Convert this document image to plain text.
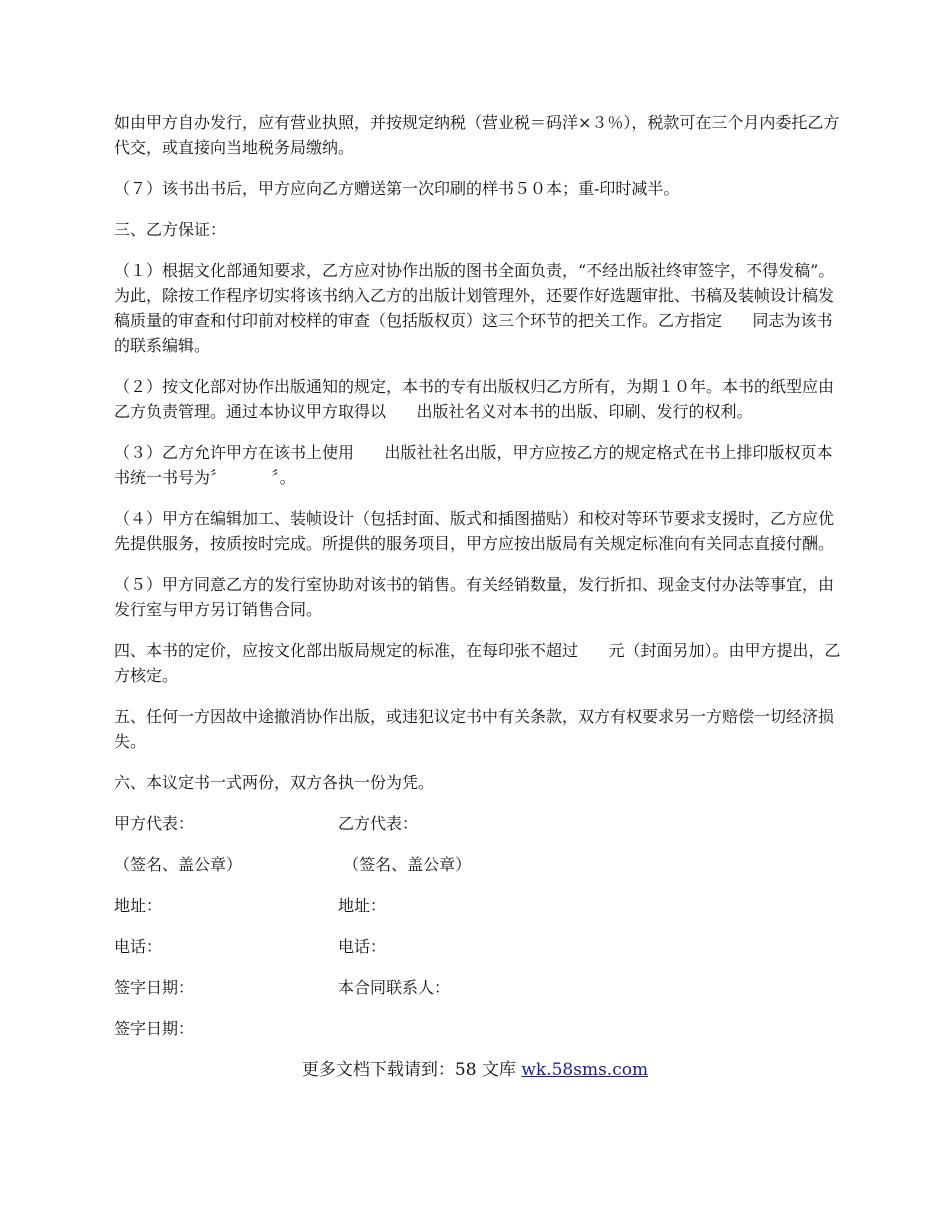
如由甲方自办发行，应有营业执照，并按规定纳税（营业税＝码洋×３％），税款可在三个月内委托乙方代交，或直接向当地税务局缴纳。

（７）该书出书后，甲方应向乙方赠送第一次印刷的样书５０本；重-印时减半。

三、乙方保证：

（１）根据文化部通知要求，乙方应对协作出版的图书全面负责，“不经出版社终审签字，不得发稿”。为此，除按工作程序切实将该书纳入乙方的出版计划管理外，还要作好选题审批、书稿及装帧设计稿发稿质量的审查和付印前对校样的审查（包括版权页）这三个环节的把关工作。乙方指定 同志为该书的联系编辑。

（２）按文化部对协作出版通知的规定，本书的专有出版权归乙方所有，为期１０年。本书的纸型应由乙方负责管理。通过本协议甲方取得以 出版社名义对本书的出版、印刷、发行的权利。

（３）乙方允许甲方在该书上使用 出版社社名出版，甲方应按乙方的规定格式在书上排印版权页本书统一书号为〞	〞。

（４）甲方在编辑加工、装帧设计（包括封面、版式和插图描贴）和校对等环节要求支援时，乙方应优先提供服务，按质按时完成。所提供的服务项目，甲方应按出版局有关规定标准向有关同志直接付酬。

（５）甲方同意乙方的发行室协助对该书的销售。有关经销数量，发行折扣、现金支付办法等事宜，由发行室与甲方另订销售合同。

四、本书的定价，应按文化部出版局规定的标准，在每印张不超过 元（封面另加）。由甲方提出，乙方核定。

五、任何一方因故中途撤消协作出版，或违犯议定书中有关条款，双方有权要求另一方赔偿一切经济损失。

六、本议定书一式两份，双方各执一份为凭。

甲方代表：	乙方代表：
（签名、盖公章）	（签名、盖公章）
地址：	地址：
电话：	电话：
签字日期：	本合同联系人：
签字日期：
更多文档下载请到：58 文库 wk.58sms.com
